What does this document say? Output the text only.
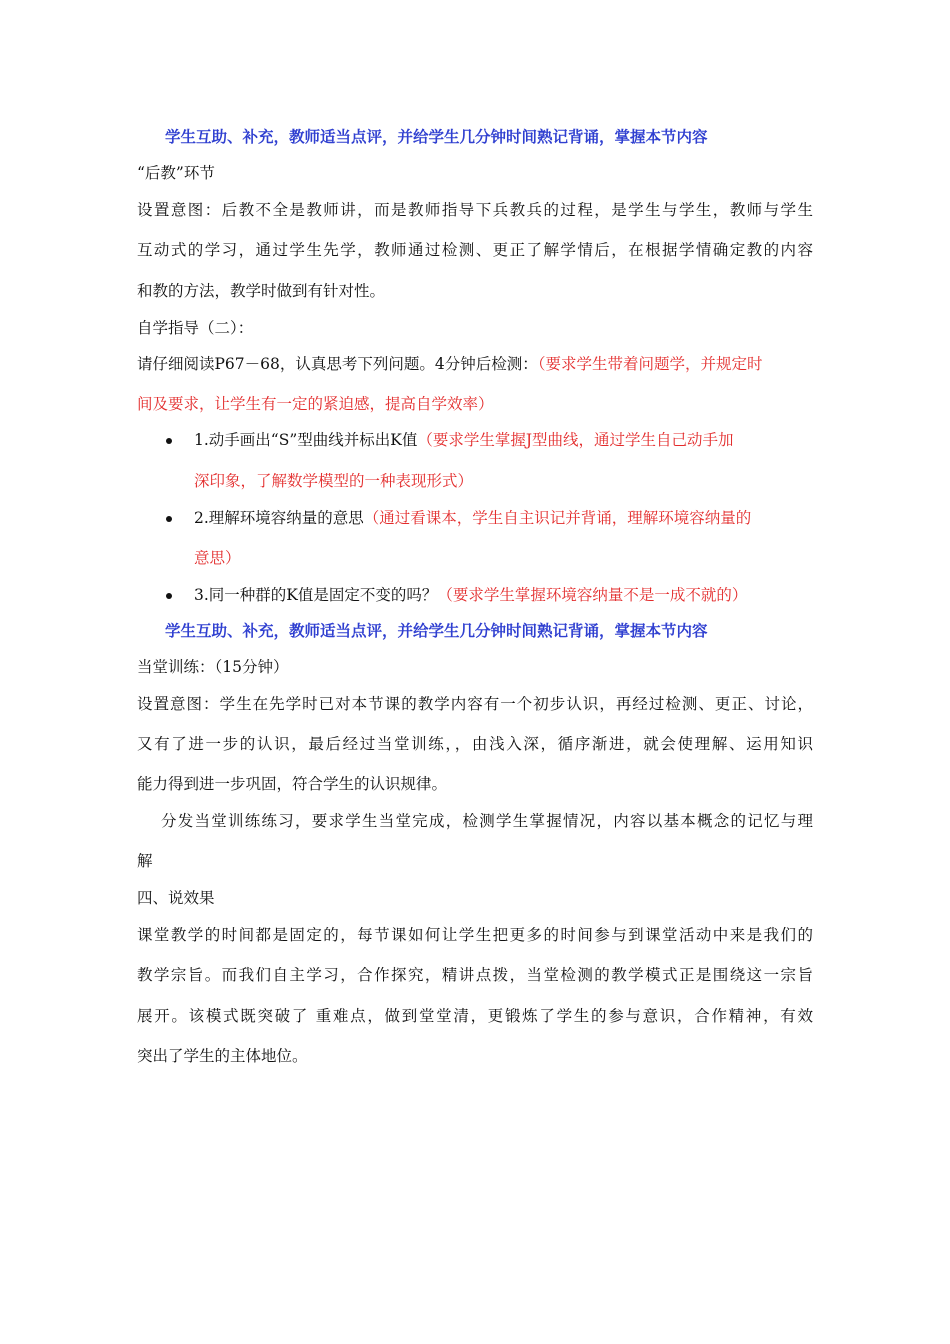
学生互助、补充，教师适当点评，并给学生几分钟时间熟记背诵，掌握本节内容
“后教”环节
设置意图：后教不全是教师讲，而是教师指导下兵教兵的过程，是学生与学生，教师与学生
互动式的学习，通过学生先学，教师通过检测、更正了解学情后，在根据学情确定教的内容
和教的方法，教学时做到有针对性。
自学指导（二）：
请仔细阅读P67－68，认真思考下列问题。4分钟后检测：（要求学生带着问题学，并规定时
间及要求，让学生有一定的紧迫感，提高自学效率）
1.动手画出“S”型曲线并标出K值（要求学生掌握J型曲线，通过学生自己动手加
深印象，了解数学模型的一种表现形式）
2.理解环境容纳量的意思（通过看课本，学生自主识记并背诵，理解环境容纳量的
意思）
3.同一种群的K值是固定不变的吗？（要求学生掌握环境容纳量不是一成不就的）
学生互助、补充，教师适当点评，并给学生几分钟时间熟记背诵，掌握本节内容
当堂训练：（15分钟）
设置意图：学生在先学时已对本节课的教学内容有一个初步认识，再经过检测、更正、讨论，
又有了进一步的认识，最后经过当堂训练，，由浅入深，循序渐进，就会使理解、运用知识
能力得到进一步巩固，符合学生的认识规律。
分发当堂训练练习，要求学生当堂完成，检测学生掌握情况，内容以基本概念的记忆与理
解
四、说效果
课堂教学的时间都是固定的，每节课如何让学生把更多的时间参与到课堂活动中来是我们的
教学宗旨。而我们自主学习，合作探究，精讲点拨，当堂检测的教学模式正是围绕这一宗旨
展开。该模式既突破了 重难点，做到堂堂清，更锻炼了学生的参与意识，合作精神，有效
突出了学生的主体地位。
